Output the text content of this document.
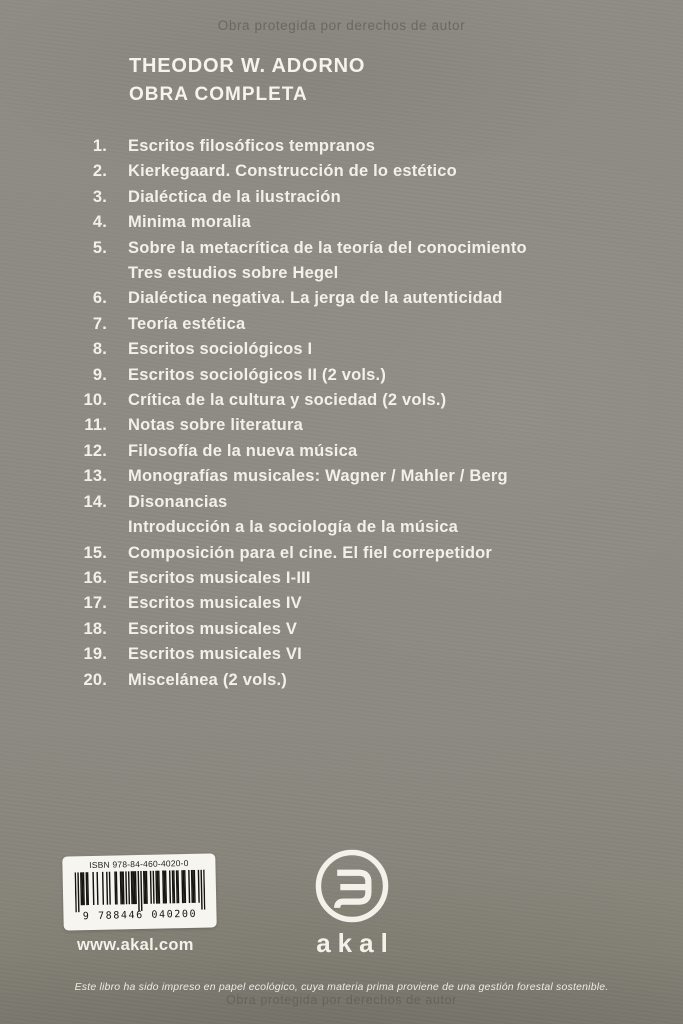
Obra protegida por derechos de autor
THEODOR W. ADORNO
OBRA COMPLETA
1. Escritos filosóficos tempranos
2. Kierkegaard. Construcción de lo estético
3. Dialéctica de la ilustración
4. Minima moralia
5. Sobre la metacrítica de la teoría del conocimiento
Tres estudios sobre Hegel
6. Dialéctica negativa. La jerga de la autenticidad
7. Teoría estética
8. Escritos sociológicos I
9. Escritos sociológicos II (2 vols.)
10. Crítica de la cultura y sociedad (2 vols.)
11. Notas sobre literatura
12. Filosofía de la nueva música
13. Monografías musicales: Wagner / Mahler / Berg
14. Disonancias
Introducción a la sociología de la música
15. Composición para el cine. El fiel correpetidor
16. Escritos musicales I-III
17. Escritos musicales IV
18. Escritos musicales V
19. Escritos musicales VI
20. Miscelánea (2 vols.)
ISBN 978-84-460-4020-0
9 788446 040200
www.akal.com	akal
Este libro ha sido impreso en papel ecológico, cuya materia prima proviene de una gestión forestal sostenible.
Obra protegida por derechos de autor
